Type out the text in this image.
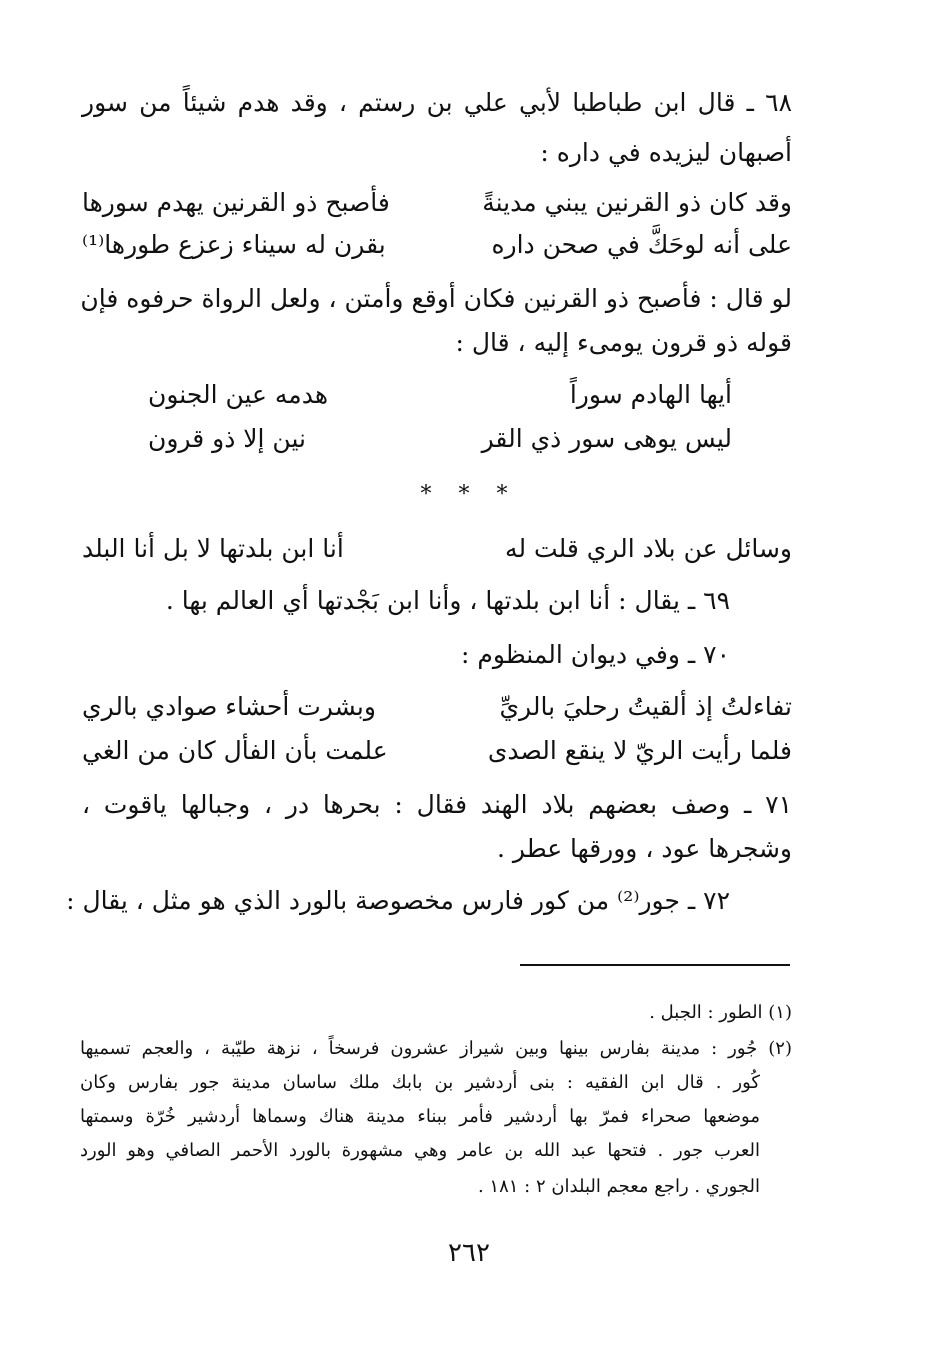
٦٨ ـ قال ابن طباطبا لأبي علي بن رستم ، وقد هدم شيئاً من سور
أصبهان ليزيده في داره :
وقد كان ذو القرنين يبني مدينةً
فأصبح ذو القرنين يهدم سورها
على أنه لوحَكَّ في صحن داره
بقرن له سيناء زعزع طورها⁽¹⁾
لو قال : فأصبح ذو القرنين فكان أوقع وأمتن ، ولعل الرواة حرفوه فإن
قوله ذو قرون يومىء إليه ، قال :
أيها الهادم سوراً
هدمه عين الجنون
ليس يوهى سور ذي القر
نين إلا ذو قرون
* * *
وسائل عن بلاد الري قلت له
أنا ابن بلدتها لا بل أنا البلد
٦٩ ـ يقال : أنا ابن بلدتها ، وأنا ابن بَجْدتها أي العالم بها .
٧٠ ـ وفي ديوان المنظوم :
تفاءلتُ إذ ألقيتُ رحليَ بالريِّ
وبشرت أحشاء صوادي بالري
فلما رأيت الريّ لا ينقع الصدى
علمت بأن الفأل كان من الغي
٧١ ـ وصف بعضهم بلاد الهند فقال : بحرها در ، وجبالها ياقوت ،
وشجرها عود ، وورقها عطر .
٧٢ ـ جور⁽²⁾ من كور فارس مخصوصة بالورد الذي هو مثل ، يقال :
(١) الطور : الجبل .
(٢) جُور : مدينة بفارس بينها وبين شيراز عشرون فرسخاً ، نزهة طيّبة ، والعجم تسميها
كُور . قال ابن الفقيه : بنى أردشير بن بابك ملك ساسان مدينة جور بفارس وكان
موضعها صحراء فمرّ بها أردشير فأمر ببناء مدينة هناك وسماها أردشير خُرّة وسمتها
العرب جور . فتحها عبد الله بن عامر وهي مشهورة بالورد الأحمر الصافي وهو الورد
الجوري . راجع معجم البلدان ٢ : ١٨١ .
٢٦٢
